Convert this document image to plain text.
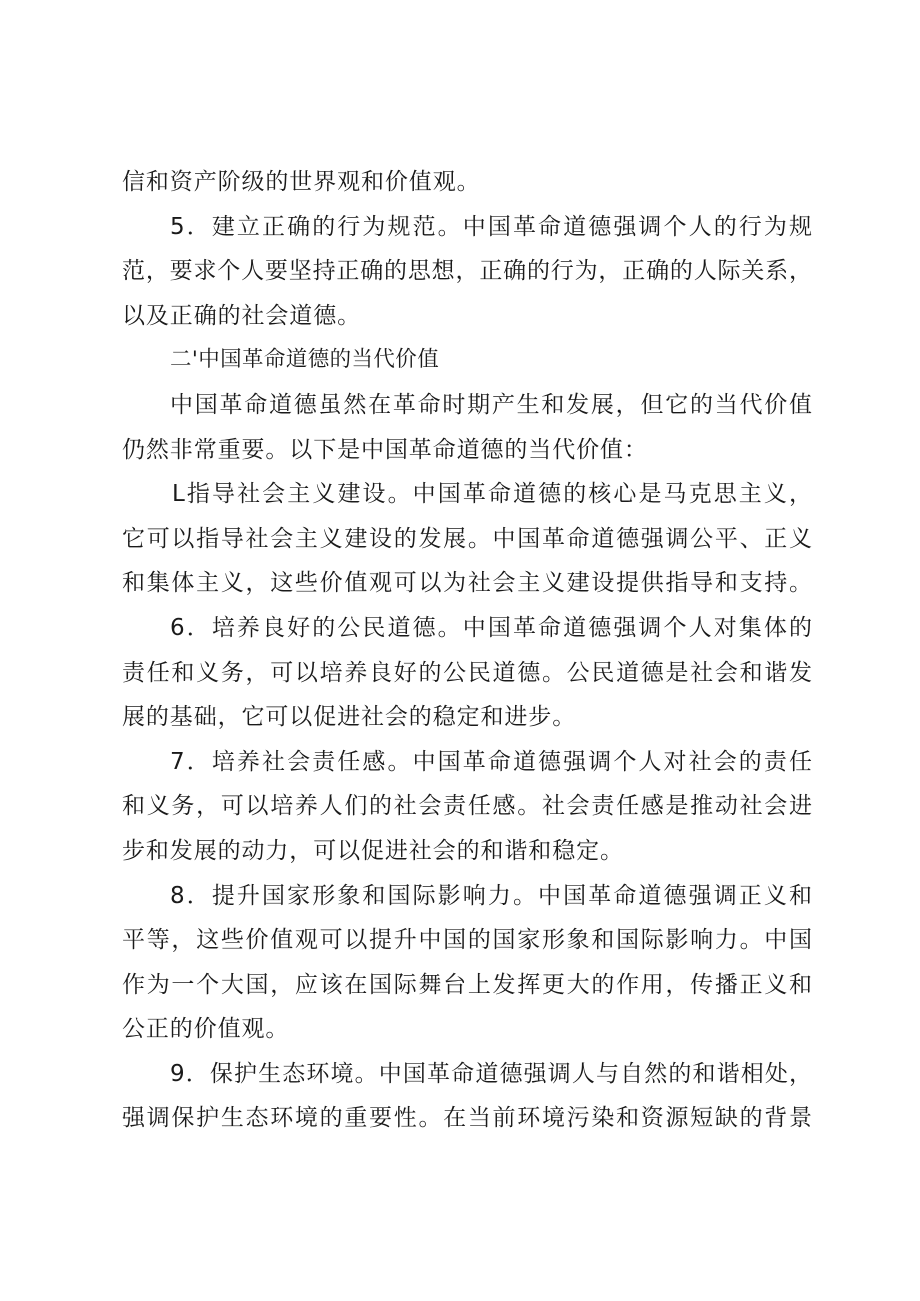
信和资产阶级的世界观和价值观。
5．建立正确的行为规范。中国革命道德强调个人的行为规
范，要求个人要坚持正确的思想，正确的行为，正确的人际关系，
以及正确的社会道德。
二'中国革命道德的当代价值
中国革命道德虽然在革命时期产生和发展，但它的当代价值
仍然非常重要。以下是中国革命道德的当代价值：
L指导社会主义建设。中国革命道德的核心是马克思主义，
它可以指导社会主义建设的发展。中国革命道德强调公平、正义
和集体主义，这些价值观可以为社会主义建设提供指导和支持。
6．培养良好的公民道德。中国革命道德强调个人对集体的
责任和义务，可以培养良好的公民道德。公民道德是社会和谐发
展的基础，它可以促进社会的稳定和进步。
7．培养社会责任感。中国革命道德强调个人对社会的责任
和义务，可以培养人们的社会责任感。社会责任感是推动社会进
步和发展的动力，可以促进社会的和谐和稳定。
8．提升国家形象和国际影响力。中国革命道德强调正义和
平等，这些价值观可以提升中国的国家形象和国际影响力。中国
作为一个大国，应该在国际舞台上发挥更大的作用，传播正义和
公正的价值观。
9．保护生态环境。中国革命道德强调人与自然的和谐相处，
强调保护生态环境的重要性。在当前环境污染和资源短缺的背景
